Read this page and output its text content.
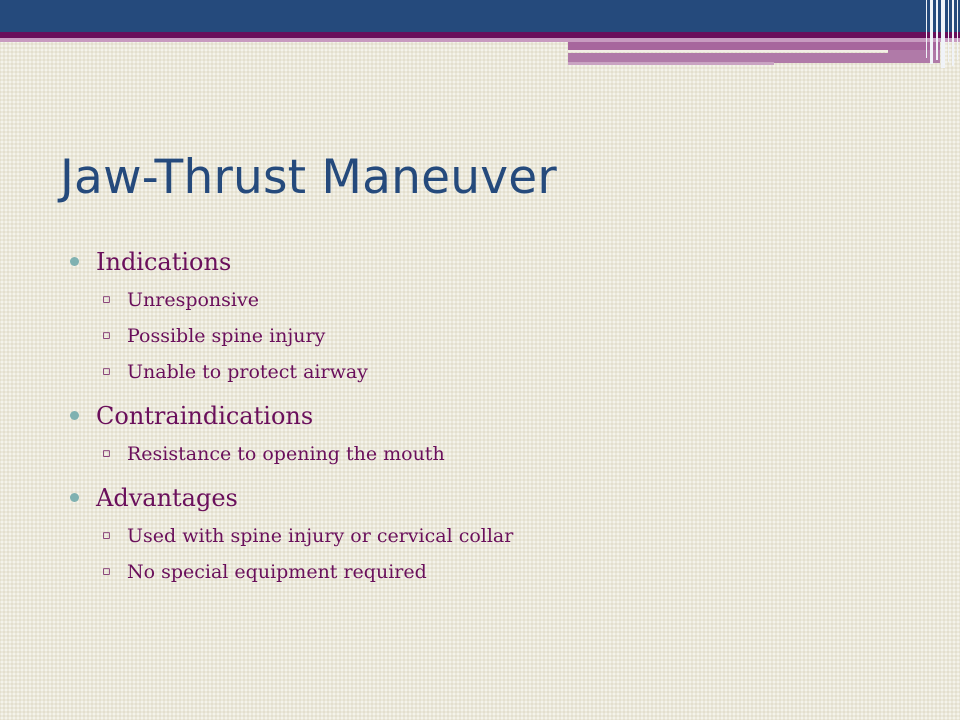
Jaw-Thrust Maneuver
Indications
▫ Unresponsive
▫ Possible spine injury
▫ Unable to protect airway
Contraindications
▫ Resistance to opening the mouth
Advantages
▫ Used with spine injury or cervical collar
▫ No special equipment required
